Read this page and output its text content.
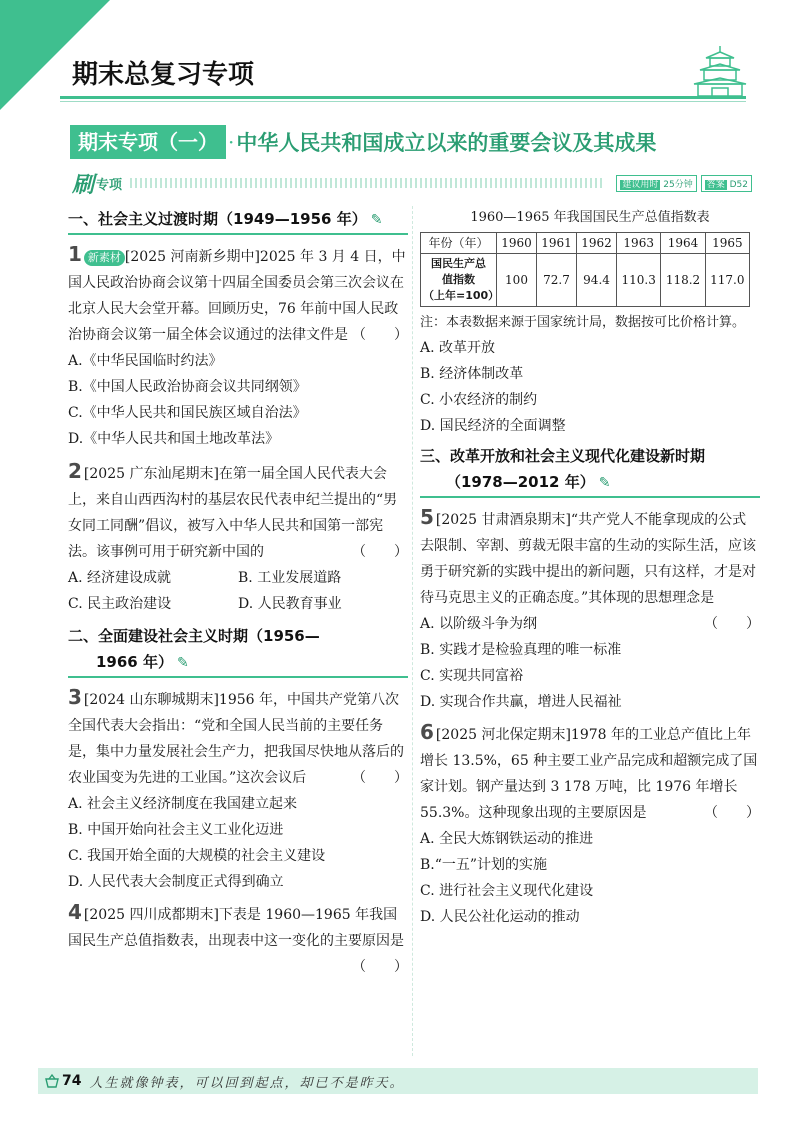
期末总复习专项
期末专项（一） · 中华人民共和国成立以来的重要会议及其成果
刷 专项	建议用时 25分钟	答案 D52
一、社会主义过渡时期（1949—1956 年） ✎

1 新素材 [2025 河南新乡期中]2025 年 3 月 4 日，中国人民政治协商会议第十四届全国委员会第三次会议在北京人民大会堂开幕。回顾历史，76 年前中国人民政治协商会议第一届全体会议通过的法律文件是 （　　）

A.《中华民国临时约法》

B.《中国人民政治协商会议共同纲领》

C.《中华人民共和国民族区域自治法》

D.《中华人民共和国土地改革法》

2 [2025 广东汕尾期末]在第一届全国人民代表大会上，来自山西西沟村的基层农民代表申纪兰提出的“男女同工同酬”倡议，被写入中华人民共和国第一部宪法。该事例可用于研究新中国的	（　　）

A. 经济建设成就	B. 工业发展道路
C. 民主政治建设	D. 人民教育事业
二、全面建设社会主义时期（1956—
1966 年） ✎

3 [2024 山东聊城期末]1956 年，中国共产党第八次全国代表大会指出：“党和全国人民当前的主要任务是，集中力量发展社会生产力，把我国尽快地从落后的农业国变为先进的工业国。”这次会议后	（　　）

A. 社会主义经济制度在我国建立起来

B. 中国开始向社会主义工业化迈进

C. 我国开始全面的大规模的社会主义建设

D. 人民代表大会制度正式得到确立

4 [2025 四川成都期末]下表是 1960—1965 年我国国民生产总值指数表，出现表中这一变化的主要原因是
（　　）

1960—1965 年我国国民生产总值指数表
年份（年）	1960	1961	1962	1963	1964	1965

国民生产总
值指数
（上年=100）	100	72.7	94.4	110.3	118.2	117.0

注：本表数据来源于国家统计局，数据按可比价格计算。

A. 改革开放

B. 经济体制改革

C. 小农经济的制约

D. 国民经济的全面调整

三、改革开放和社会主义现代化建设新时期
（1978—2012 年） ✎

5 [2025 甘肃酒泉期末]“共产党人不能拿现成的公式去限制、宰割、剪裁无限丰富的生动的实际生活，应该勇于研究新的实践中提出的新问题，只有这样，才是对待马克思主义的正确态度。”其体现的思想理念是
（　　）

A. 以阶级斗争为纲

B. 实践才是检验真理的唯一标准

C. 实现共同富裕

D. 实现合作共赢，增进人民福祉

6 [2025 河北保定期末]1978 年的工业总产值比上年增长 13.5%，65 种主要工业产品完成和超额完成了国家计划。钢产量达到 3 178 万吨，比 1976 年增长 55.3%。这种现象出现的主要原因是	（　　）

A. 全民大炼钢铁运动的推进

B.“一五”计划的实施

C. 进行社会主义现代化建设

D. 人民公社化运动的推动

74 人生就像钟表，可以回到起点，却已不是昨天。
